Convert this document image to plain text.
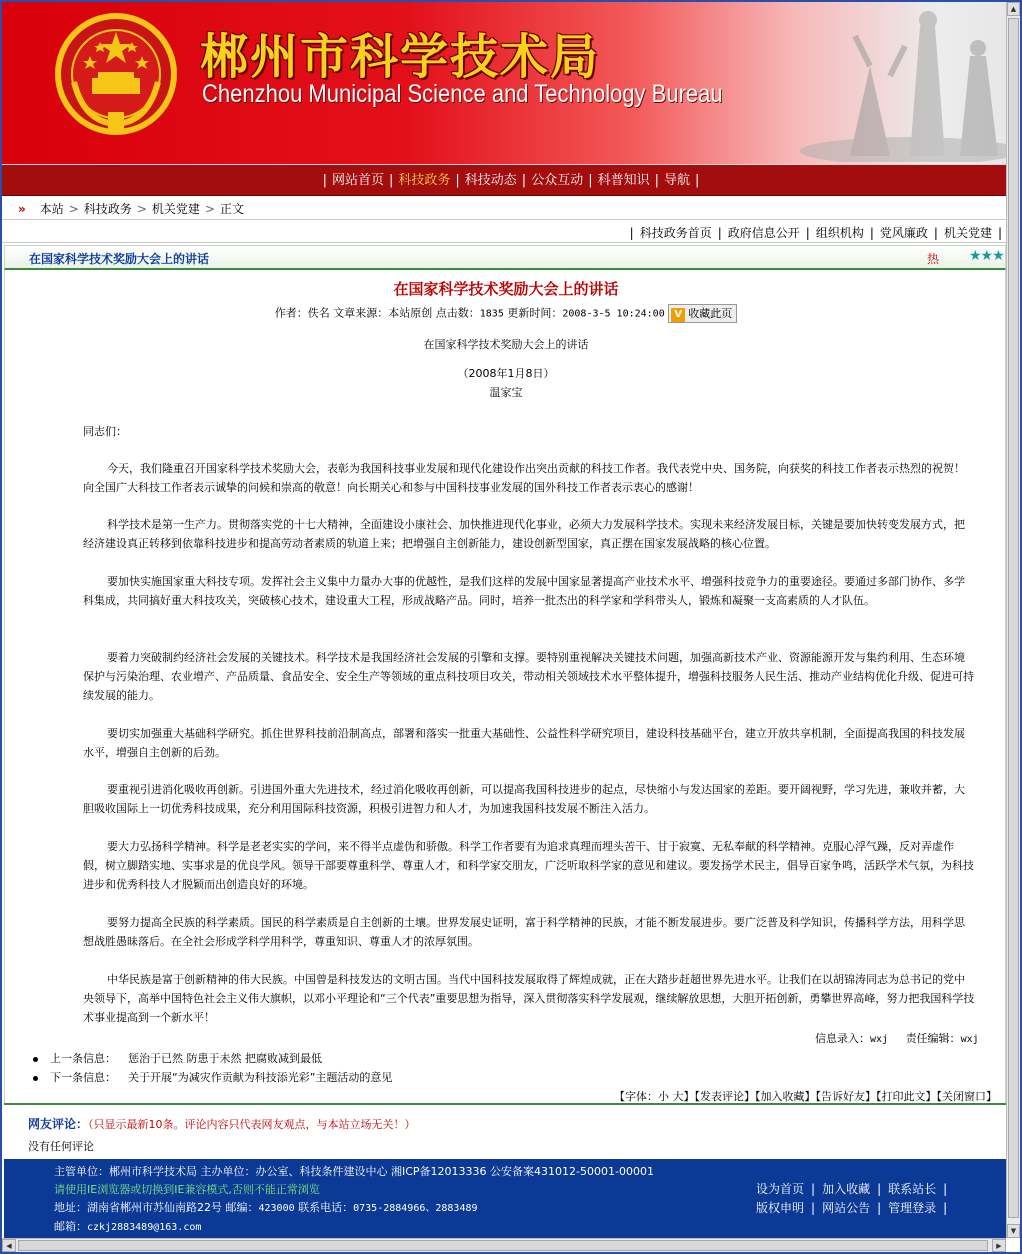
郴州市科学技术局
Chenzhou Municipal Science and Technology Bureau
| 网站首页 | 科技政务 | 科技动态 | 公众互动 | 科普知识 | 导航 |
» 本站 > 科技政务 > 机关党建 > 正文
| 科技政务首页 | 政府信息公开 | 组织机构 | 党风廉政 | 机关党建 |
在国家科学技术奖励大会上的讲话	热 ★★★
在国家科学技术奖励大会上的讲话
作者：佚名 文章来源：本站原创 点击数：1835 更新时间：2008-3-5 10:24:00 V 收藏此页
在国家科学技术奖励大会上的讲话
（2008年1月8日）
温家宝
同志们：
今天，我们隆重召开国家科学技术奖励大会，表彰为我国科技事业发展和现代化建设作出突出贡献的科技工作者。我代表党中央、国务院，向获奖的科技工作者表示热烈的祝贺！向全国广大科技工作者表示诚挚的问候和崇高的敬意！向长期关心和参与中国科技事业发展的国外科技工作者表示衷心的感谢！
科学技术是第一生产力。贯彻落实党的十七大精神，全面建设小康社会、加快推进现代化事业，必须大力发展科学技术。实现未来经济发展目标，关键是要加快转变发展方式，把经济建设真正转移到依靠科技进步和提高劳动者素质的轨道上来；把增强自主创新能力，建设创新型国家，真正摆在国家发展战略的核心位置。
要加快实施国家重大科技专项。发挥社会主义集中力量办大事的优越性，是我们这样的发展中国家显著提高产业技术水平、增强科技竞争力的重要途径。要通过多部门协作、多学科集成，共同搞好重大科技攻关，突破核心技术，建设重大工程，形成战略产品。同时，培养一批杰出的科学家和学科带头人，锻炼和凝聚一支高素质的人才队伍。
要着力突破制约经济社会发展的关键技术。科学技术是我国经济社会发展的引擎和支撑。要特别重视解决关键技术问题，加强高新技术产业、资源能源开发与集约利用、生态环境保护与污染治理、农业增产、产品质量、食品安全、安全生产等领域的重点科技项目攻关，带动相关领域技术水平整体提升，增强科技服务人民生活、推动产业结构优化升级、促进可持续发展的能力。
要切实加强重大基础科学研究。抓住世界科技前沿制高点，部署和落实一批重大基础性、公益性科学研究项目，建设科技基础平台，建立开放共享机制，全面提高我国的科技发展水平，增强自主创新的后劲。
要重视引进消化吸收再创新。引进国外重大先进技术，经过消化吸收再创新，可以提高我国科技进步的起点，尽快缩小与发达国家的差距。要开阔视野，学习先进，兼收并蓄，大胆吸收国际上一切优秀科技成果，充分利用国际科技资源，积极引进智力和人才，为加速我国科技发展不断注入活力。
要大力弘扬科学精神。科学是老老实实的学问，来不得半点虚伪和骄傲。科学工作者要有为追求真理而埋头苦干、甘于寂寞、无私奉献的科学精神。克服心浮气躁，反对弄虚作假，树立脚踏实地、实事求是的优良学风。领导干部要尊重科学、尊重人才，和科学家交朋友，广泛听取科学家的意见和建议。要发扬学术民主，倡导百家争鸣，活跃学术气氛，为科技进步和优秀科技人才脱颖而出创造良好的环境。
要努力提高全民族的科学素质。国民的科学素质是自主创新的土壤。世界发展史证明，富于科学精神的民族，才能不断发展进步。要广泛普及科学知识，传播科学方法，用科学思想战胜愚昧落后。在全社会形成学科学用科学，尊重知识、尊重人才的浓厚氛围。
中华民族是富于创新精神的伟大民族。中国曾是科技发达的文明古国。当代中国科技发展取得了辉煌成就，正在大踏步赶超世界先进水平。让我们在以胡锦涛同志为总书记的党中央领导下，高举中国特色社会主义伟大旗帜，以邓小平理论和“三个代表”重要思想为指导，深入贯彻落实科学发展观，继续解放思想，大胆开拓创新，勇攀世界高峰，努力把我国科学技术事业提高到一个新水平！
信息录入：wxj 责任编辑：wxj
上一条信息： 惩治于已然 防患于未然 把腐败减到最低
下一条信息： 关于开展“为减灾作贡献为科技添光彩”主题活动的意见
【字体：小 大】【发表评论】【加入收藏】【告诉好友】【打印此文】【关闭窗口】
网友评论：（只显示最新10条。评论内容只代表网友观点，与本站立场无关！）
没有任何评论
主管单位：郴州市科学技术局 主办单位：办公室、科技条件建设中心 湘ICP备12013336 公安备案431012-50001-00001
请使用IE浏览器或切换到IE兼容模式,否则不能正常浏览
地址：湖南省郴州市苏仙南路22号 邮编：423000 联系电话：0735-2884966、2883489
邮箱：czkj2883489@163.com
设为首页 | 加入收藏 | 联系站长 |
版权申明 | 网站公告 | 管理登录 |
▲
▼
◀	▶
